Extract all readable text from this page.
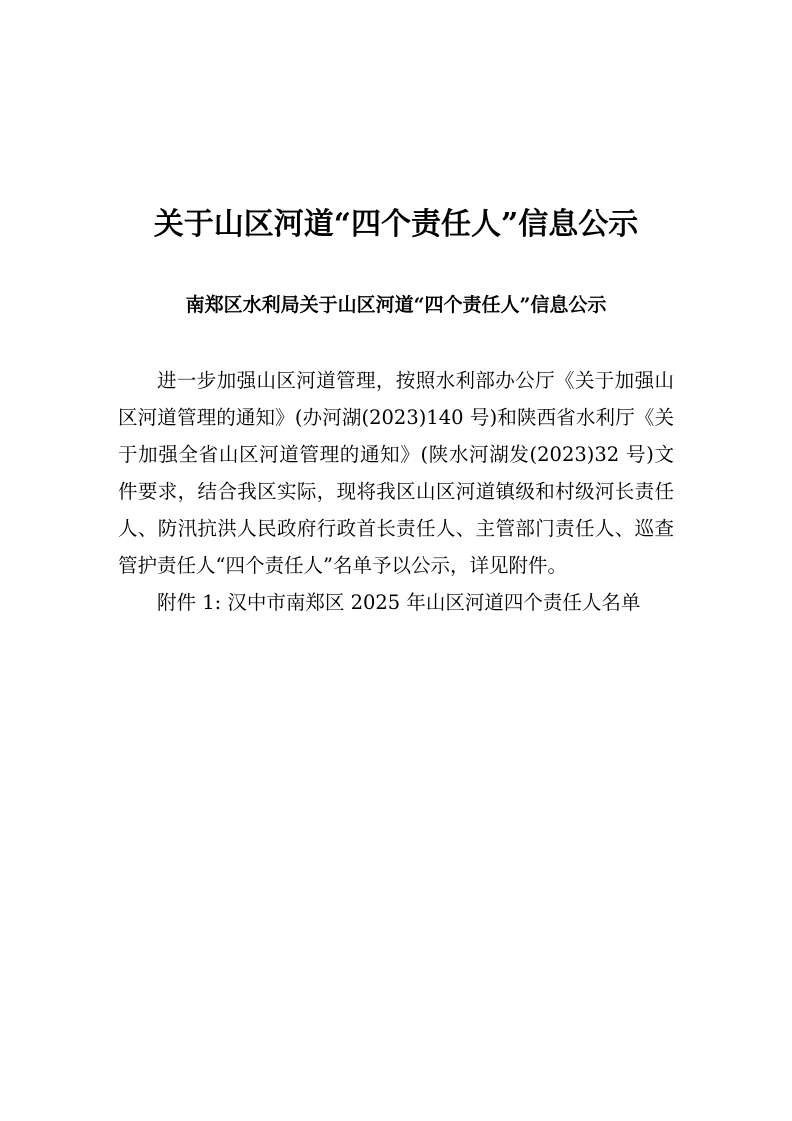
关于山区河道“四个责任人”信息公示
南郑区水利局关于山区河道“四个责任人”信息公示

进一步加强山区河道管理，按照水利部办公厅《关于加强山区河道管理的通知》(办河湖(2023)140 号)和陕西省水利厅《关于加强全省山区河道管理的通知》(陕水河湖发(2023)32 号)文件要求，结合我区实际，现将我区山区河道镇级和村级河长责任人、防汛抗洪人民政府行政首长责任人、主管部门责任人、巡查管护责任人“四个责任人”名单予以公示，详见附件。

附件 1: 汉中市南郑区 2025 年山区河道四个责任人名单
